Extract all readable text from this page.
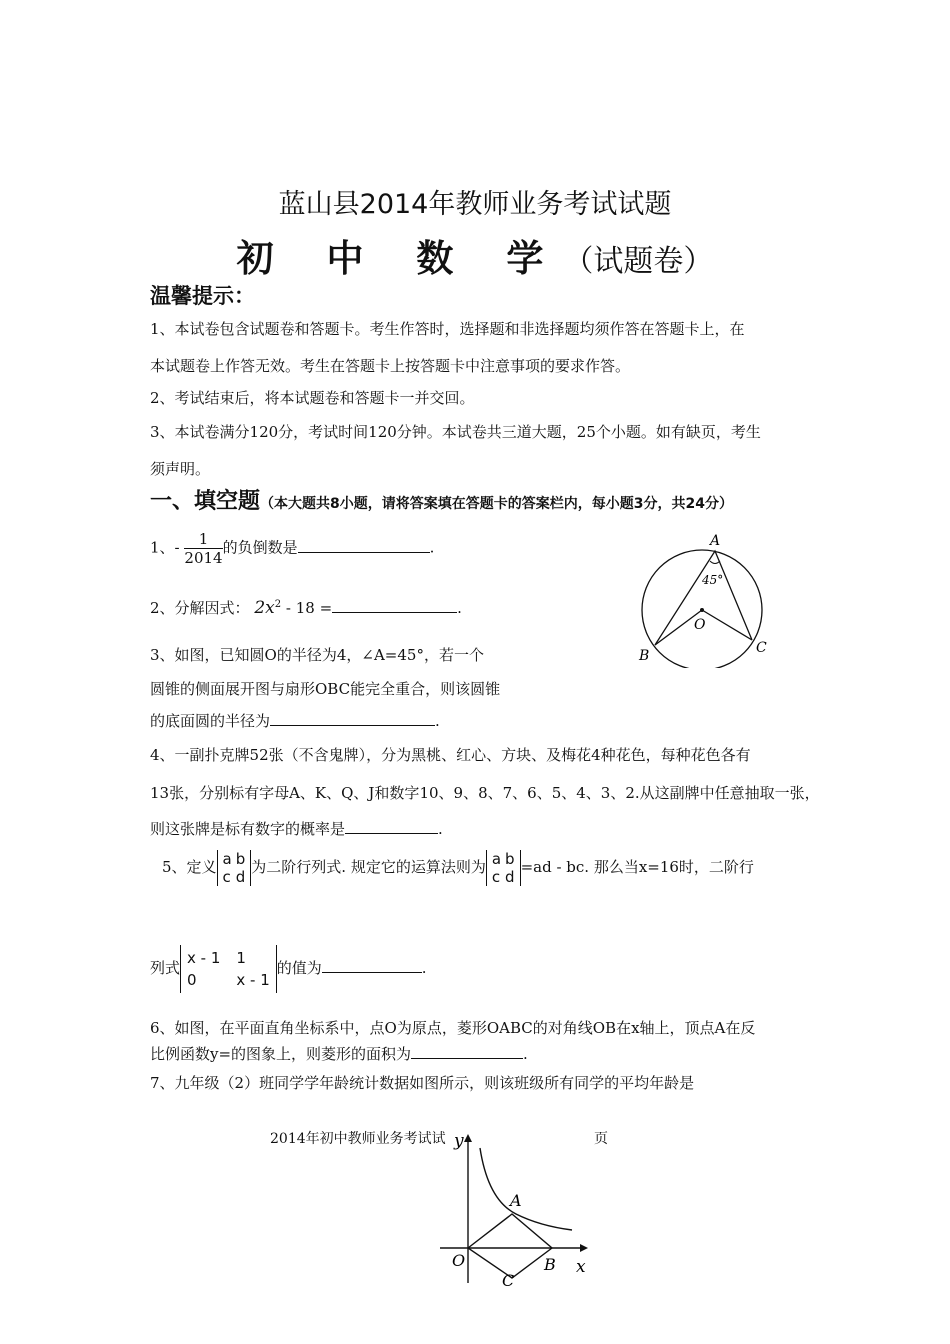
蓝山县2014年教师业务考试试题
初 中 数 学（试题卷）
温馨提示：
1、本试卷包含试题卷和答题卡。考生作答时，选择题和非选择题均须作答在答题卡上，在
本试题卷上作答无效。考生在答题卡上按答题卡中注意事项的要求作答。
2、考试结束后，将本试题卷和答题卡一并交回。
3、本试卷满分120分，考试时间120分钟。本试卷共三道大题，25个小题。如有缺页，考生
须声明。
一、填空题（本大题共8小题，请将答案填在答题卡的答案栏内，每小题3分，共24分）
1、- $\frac{1}{2014}$ 的负倒数是	.
2、分解因式： $2x^2 - 18$ =	.
3、如图，已知圆O的半径为4，∠A=45°，若一个
圆锥的侧面展开图与扇形OBC能完全重合，则该圆锥
的底面圆的半径为	.
A
45°
O
B	C
4、一副扑克牌52张（不含鬼牌），分为黑桃、红心、方块、及梅花4种花色，每种花色各有
13张，分别标有字母A、K、Q、J和数字10、9、8、7、6、5、4、3、2.从这副牌中任意抽取一张，
则这张牌是标有数字的概率是	.
5、定义 a	b
c	d
为二阶行列式. 规定它的运算法则为 a	b
c	d
=ad - bc. 那么当x=16时，二阶行
列式
x - 1	1
0	x - 1
的值为	.
6、如图，在平面直角坐标系中，点O为原点，菱形OABC的对角线OB在x轴上，顶点A在反
比例函数y=的图象上，则菱形的面积为	.
7、九年级（2）班同学学年龄统计数据如图所示，则该班级所有同学的平均年龄是
2014年初中教师业务考试试	页
y
x
O
A
B
C
